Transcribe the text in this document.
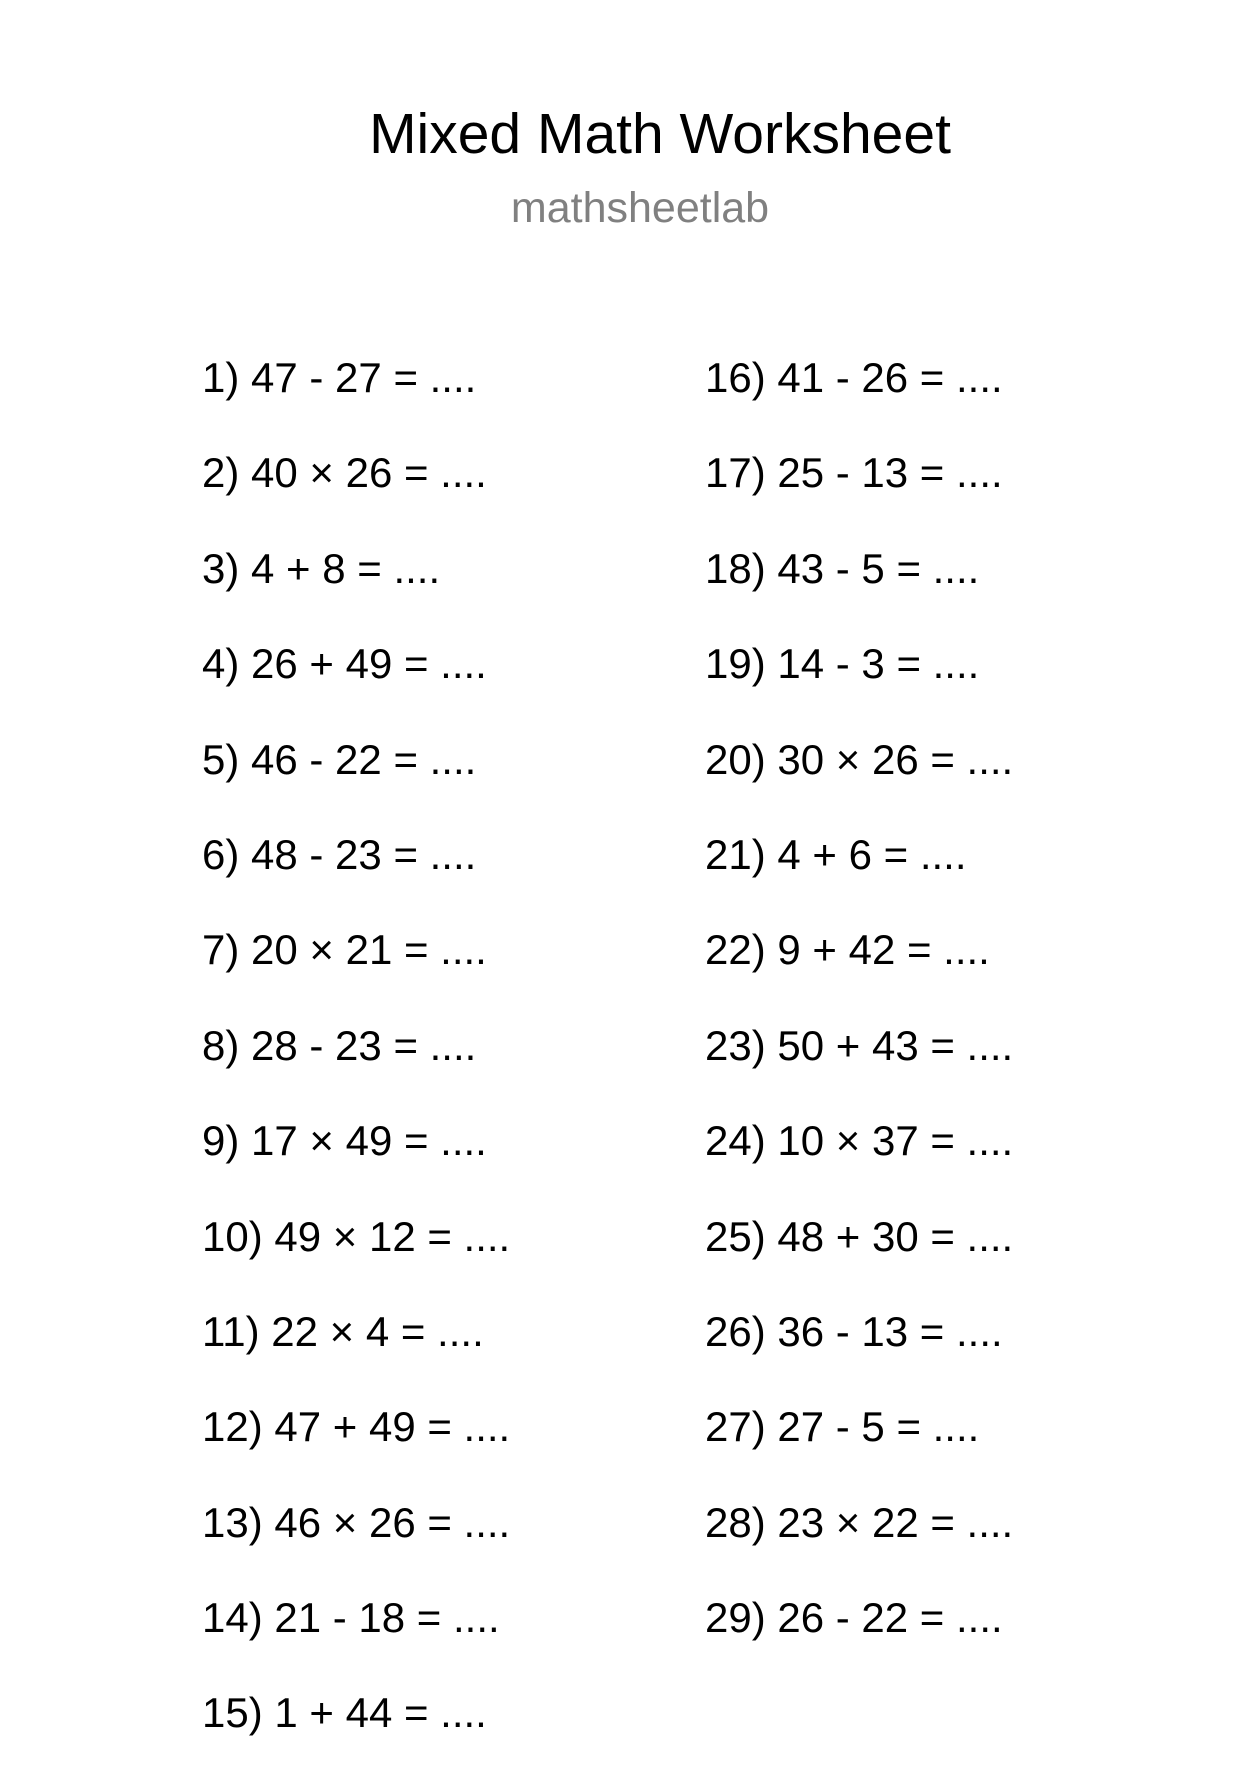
Mixed Math Worksheet
mathsheetlab
1) 47 - 27 = ....
2) 40 × 26 = ....
3) 4 + 8 = ....
4) 26 + 49 = ....
5) 46 - 22 = ....
6) 48 - 23 = ....
7) 20 × 21 = ....
8) 28 - 23 = ....
9) 17 × 49 = ....
10) 49 × 12 = ....
11) 22 × 4 = ....
12) 47 + 49 = ....
13) 46 × 26 = ....
14) 21 - 18 = ....
15) 1 + 44 = ....
16) 41 - 26 = ....
17) 25 - 13 = ....
18) 43 - 5 = ....
19) 14 - 3 = ....
20) 30 × 26 = ....
21) 4 + 6 = ....
22) 9 + 42 = ....
23) 50 + 43 = ....
24) 10 × 37 = ....
25) 48 + 30 = ....
26) 36 - 13 = ....
27) 27 - 5 = ....
28) 23 × 22 = ....
29) 26 - 22 = ....
